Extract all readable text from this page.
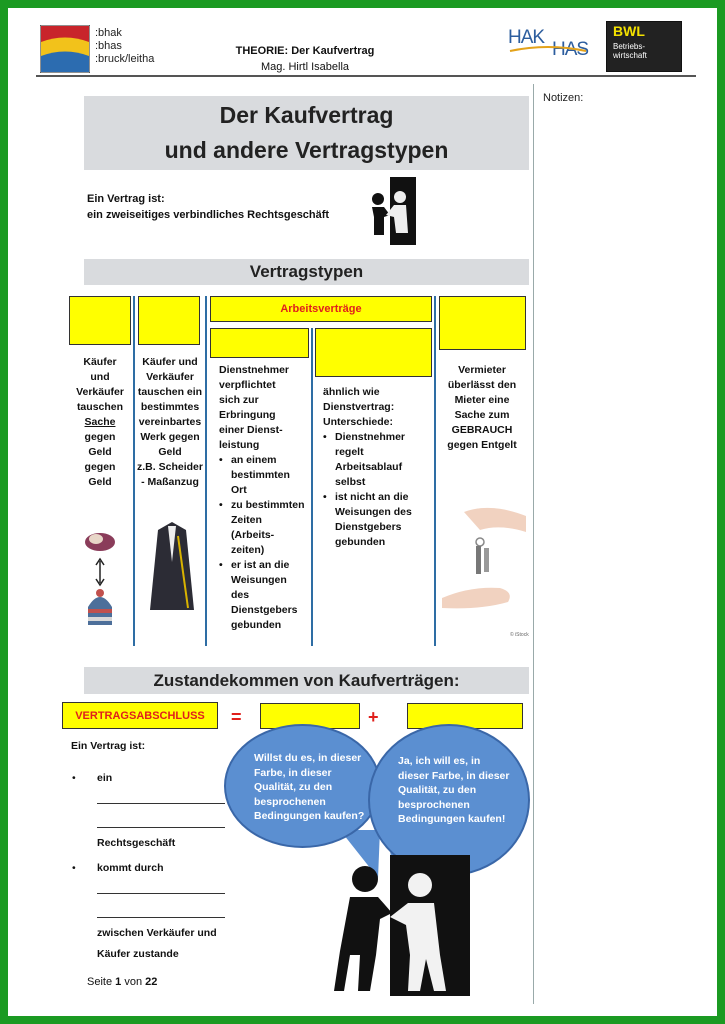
:bhak
:bhas
:bruck/leitha
THEORIE: Der Kaufvertrag
Mag. Hirtl Isabella
HAK
HAS
BWL
Betriebs-
wirtschaft
Notizen:
Der Kaufvertrag
und andere Vertragstypen
Ein Vertrag ist:
ein zweiseitiges verbindliches Rechtsgeschäft
Vertragstypen
Arbeitsverträge
Käufer
und
Verkäufer
tauschen
Sache
gegen
Geld
gegen
Geld
Käufer und
Verkäufer
tauschen ein
bestimmtes
vereinbartes
Werk gegen
Geld
z.B. Scheider
- Maßanzug
Dienstnehmer
verpflichtet
sich zur
Erbringung
einer Dienst-
leistung
• an einem bestimmten Ort
• zu bestimmten Zeiten (Arbeits-zeiten)
• er ist an die Weisungen des Dienstgebers gebunden
ähnlich wie
Dienstvertrag:
Unterschiede:
• Dienstnehmer regelt Arbeitsablauf selbst
• ist nicht an die Weisungen des Dienstgebers gebunden
Vermieter
überlässt den
Mieter eine
Sache zum
GEBRAUCH
gegen Entgelt
© iStock
Zustandekommen von Kaufverträgen:
VERTRAGSABSCHLUSS	=	+
Ein Vertrag ist:
•	ein
Rechtsgeschäft
•	kommt durch
zwischen Verkäufer und
Käufer zustande
Willst du es, in dieser Farbe, in dieser Qualität, zu den besprochenen Bedingungen kaufen?
Ja, ich will es, in dieser Farbe, in dieser Qualität, zu den besprochenen Bedingungen kaufen!
Seite 1 von 22
